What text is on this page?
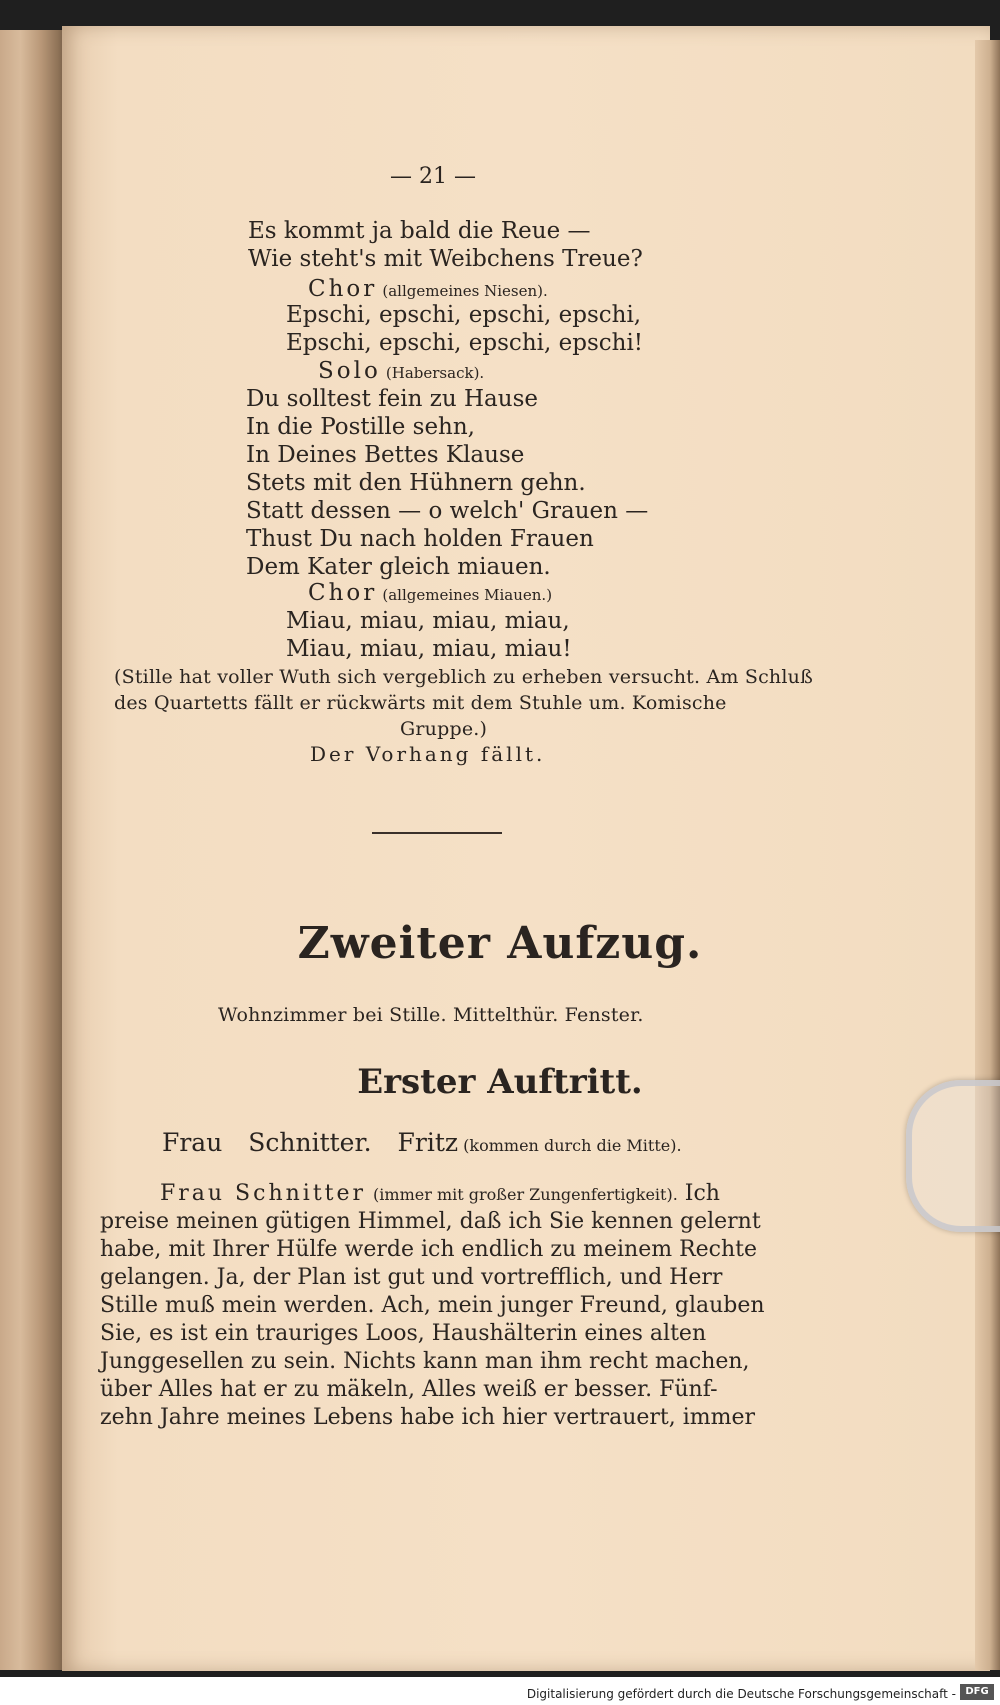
— 21 —
Es kommt ja bald die Reue —
Wie steht's mit Weibchens Treue?
Chor (allgemeines Niesen).
Epschi, epschi, epschi, epschi,
Epschi, epschi, epschi, epschi!
Solo (Habersack).
Du solltest fein zu Hause
In die Postille sehn,
In Deines Bettes Klause
Stets mit den Hühnern gehn.
Statt dessen — o welch' Grauen —
Thust Du nach holden Frauen
Dem Kater gleich miauen.
Chor (allgemeines Miauen.)
Miau, miau, miau, miau,
Miau, miau, miau, miau!
(Stille hat voller Wuth sich vergeblich zu erheben versucht. Am Schluß
des Quartetts fällt er rückwärts mit dem Stuhle um. Komische
Gruppe.)
Der Vorhang fällt.
Zweiter Aufzug.
Wohnzimmer bei Stille. Mittelthür. Fenster.
Erster Auftritt.
Frau Schnitter. Fritz (kommen durch die Mitte).
Frau Schnitter (immer mit großer Zungenfertigkeit). Ich
preise meinen gütigen Himmel, daß ich Sie kennen gelernt
habe, mit Ihrer Hülfe werde ich endlich zu meinem Rechte
gelangen. Ja, der Plan ist gut und vortrefflich, und Herr
Stille muß mein werden. Ach, mein junger Freund, glauben
Sie, es ist ein trauriges Loos, Haushälterin eines alten
Junggesellen zu sein. Nichts kann man ihm recht machen,
über Alles hat er zu mäkeln, Alles weiß er besser. Fünf-
zehn Jahre meines Lebens habe ich hier vertrauert, immer
Digitalisierung gefördert durch die Deutsche Forschungsgemeinschaft - DFG
